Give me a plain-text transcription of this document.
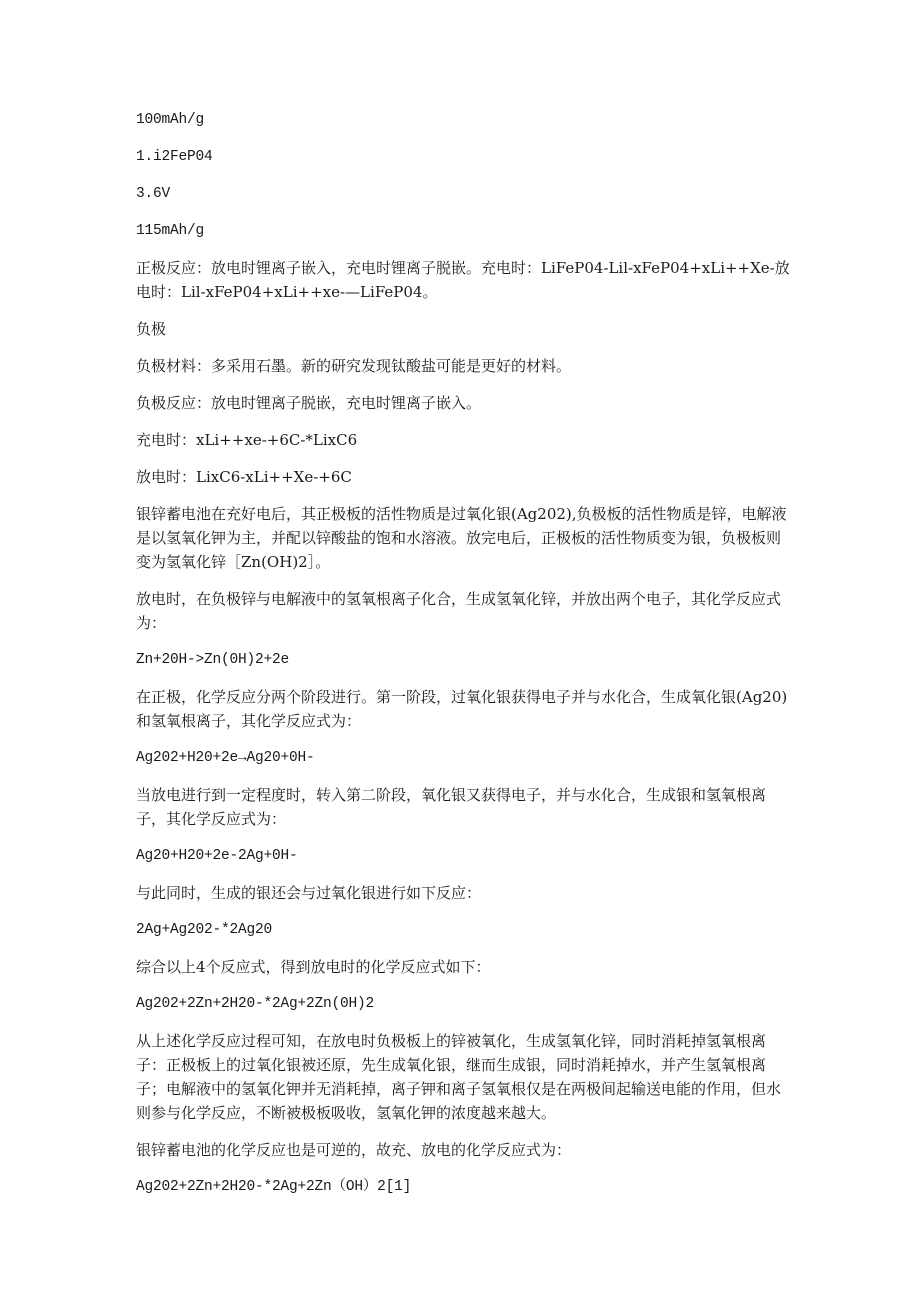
100mAh/g

1.i2FeP04

3.6V

115mAh/g

正极反应：放电时锂离子嵌入，充电时锂离子脱嵌。充电时：LiFeP04-Lil-xFeP04+xLi++Xe-放电时：Lil-xFeP04+xLi++xe-—LiFeP04。

负极

负极材料：多采用石墨。新的研究发现钛酸盐可能是更好的材料。

负极反应：放电时锂离子脱嵌，充电时锂离子嵌入。

充电时：xLi++xe-+6C-*LixC6

放电时：LixC6-xLi++Xe-+6C

银锌蓄电池在充好电后，其正极板的活性物质是过氧化银(Ag202),负极板的活性物质是锌，电解液是以氢氧化钾为主，并配以锌酸盐的饱和水溶液。放完电后，正极板的活性物质变为银，负极板则变为氢氧化锌［Zn(OH)2］。

放电时，在负极锌与电解液中的氢氧根离子化合，生成氢氧化锌，并放出两个电子，其化学反应式为：

Zn+20H->Zn(0H)2+2e

在正极，化学反应分两个阶段进行。第一阶段，过氧化银获得电子并与水化合，生成氧化银(Ag20)和氢氧根离子，其化学反应式为：

Ag202+H20+2e→Ag20+0H-

当放电进行到一定程度时，转入第二阶段，氧化银又获得电子，并与水化合，生成银和氢氧根离子，其化学反应式为：

Ag20+H20+2e-2Ag+0H-

与此同时，生成的银还会与过氧化银进行如下反应：

2Ag+Ag202-*2Ag20

综合以上4个反应式，得到放电时的化学反应式如下：

Ag202+2Zn+2H20-*2Ag+2Zn(0H)2

从上述化学反应过程可知，在放电时负极板上的锌被氧化，生成氢氧化锌，同时消耗掉氢氧根离子：正极板上的过氧化银被还原，先生成氧化银，继而生成银，同时消耗掉水，并产生氢氧根离子；电解液中的氢氧化钾并无消耗掉，离子钾和离子氢氧根仅是在两极间起输送电能的作用，但水则参与化学反应，不断被极板吸收，氢氧化钾的浓度越来越大。

银锌蓄电池的化学反应也是可逆的，故充、放电的化学反应式为：

Ag202+2Zn+2H20-*2Ag+2Zn（OH）2[1]
